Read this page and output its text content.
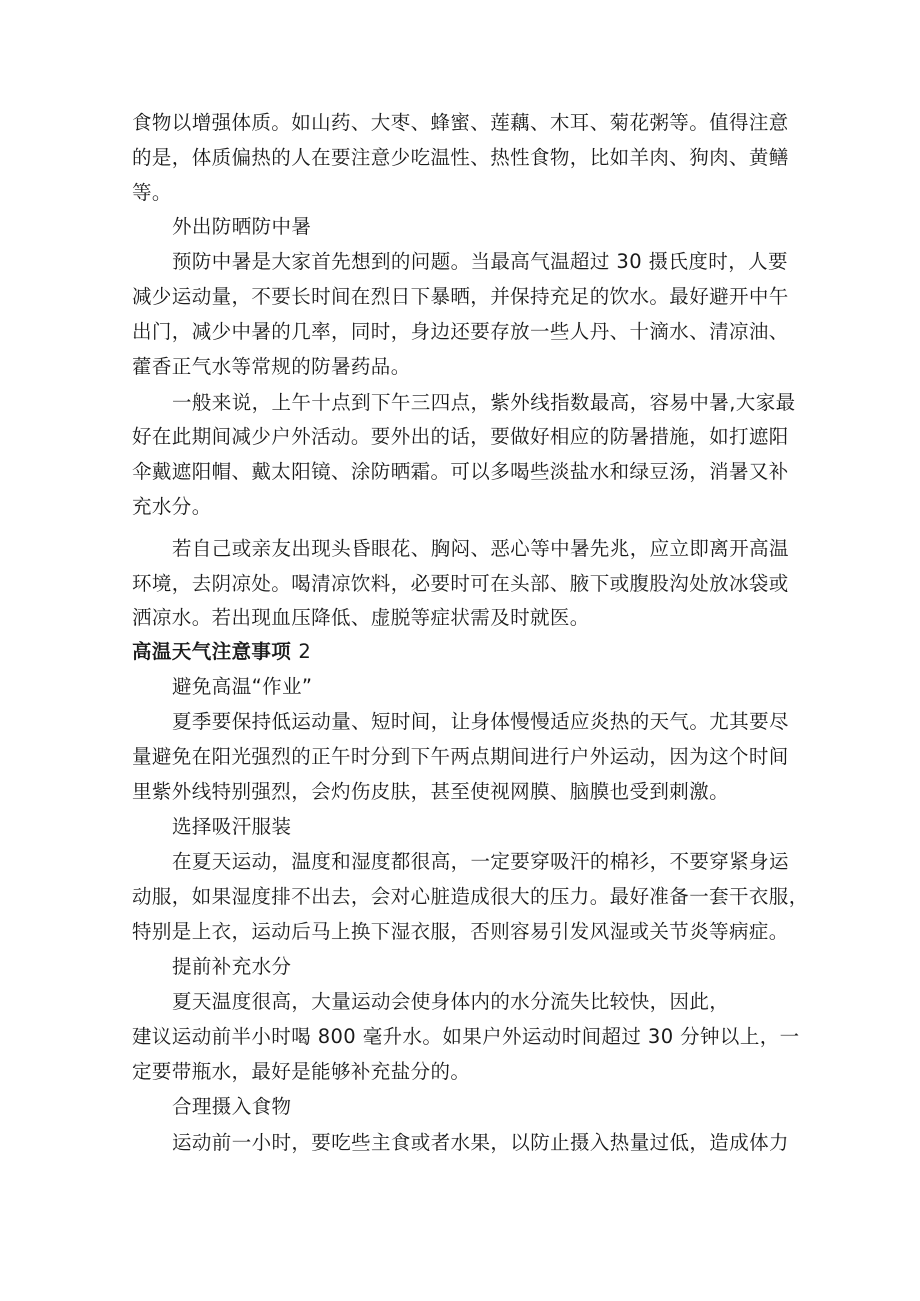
食物以增强体质。如山药、大枣、蜂蜜、莲藕、木耳、菊花粥等。值得注意
的是，体质偏热的人在要注意少吃温性、热性食物，比如羊肉、狗肉、黄鳝
等。
外出防晒防中暑
预防中暑是大家首先想到的问题。当最高气温超过 30 摄氏度时，人要
减少运动量，不要长时间在烈日下暴晒，并保持充足的饮水。最好避开中午
出门，减少中暑的几率，同时，身边还要存放一些人丹、十滴水、清凉油、
藿香正气水等常规的防暑药品。
一般来说，上午十点到下午三四点，紫外线指数最高，容易中暑,大家最
好在此期间减少户外活动。要外出的话，要做好相应的防暑措施，如打遮阳
伞戴遮阳帽、戴太阳镜、涂防晒霜。可以多喝些淡盐水和绿豆汤，消暑又补
充水分。
若自己或亲友出现头昏眼花、胸闷、恶心等中暑先兆，应立即离开高温
环境，去阴凉处。喝清凉饮料，必要时可在头部、腋下或腹股沟处放冰袋或
洒凉水。若出现血压降低、虚脱等症状需及时就医。
高温天气注意事项 2
避免高温“作业”
夏季要保持低运动量、短时间，让身体慢慢适应炎热的天气。尤其要尽
量避免在阳光强烈的正午时分到下午两点期间进行户外运动，因为这个时间
里紫外线特别强烈，会灼伤皮肤，甚至使视网膜、脑膜也受到刺激。
选择吸汗服装
在夏天运动，温度和湿度都很高，一定要穿吸汗的棉衫，不要穿紧身运
动服，如果湿度排不出去，会对心脏造成很大的压力。最好准备一套干衣服，
特别是上衣，运动后马上换下湿衣服，否则容易引发风湿或关节炎等病症。
提前补充水分
夏天温度很高，大量运动会使身体内的水分流失比较快，因此，
建议运动前半小时喝 800 毫升水。如果户外运动时间超过 30 分钟以上，一
定要带瓶水，最好是能够补充盐分的。
合理摄入食物
运动前一小时，要吃些主食或者水果，以防止摄入热量过低，造成体力
